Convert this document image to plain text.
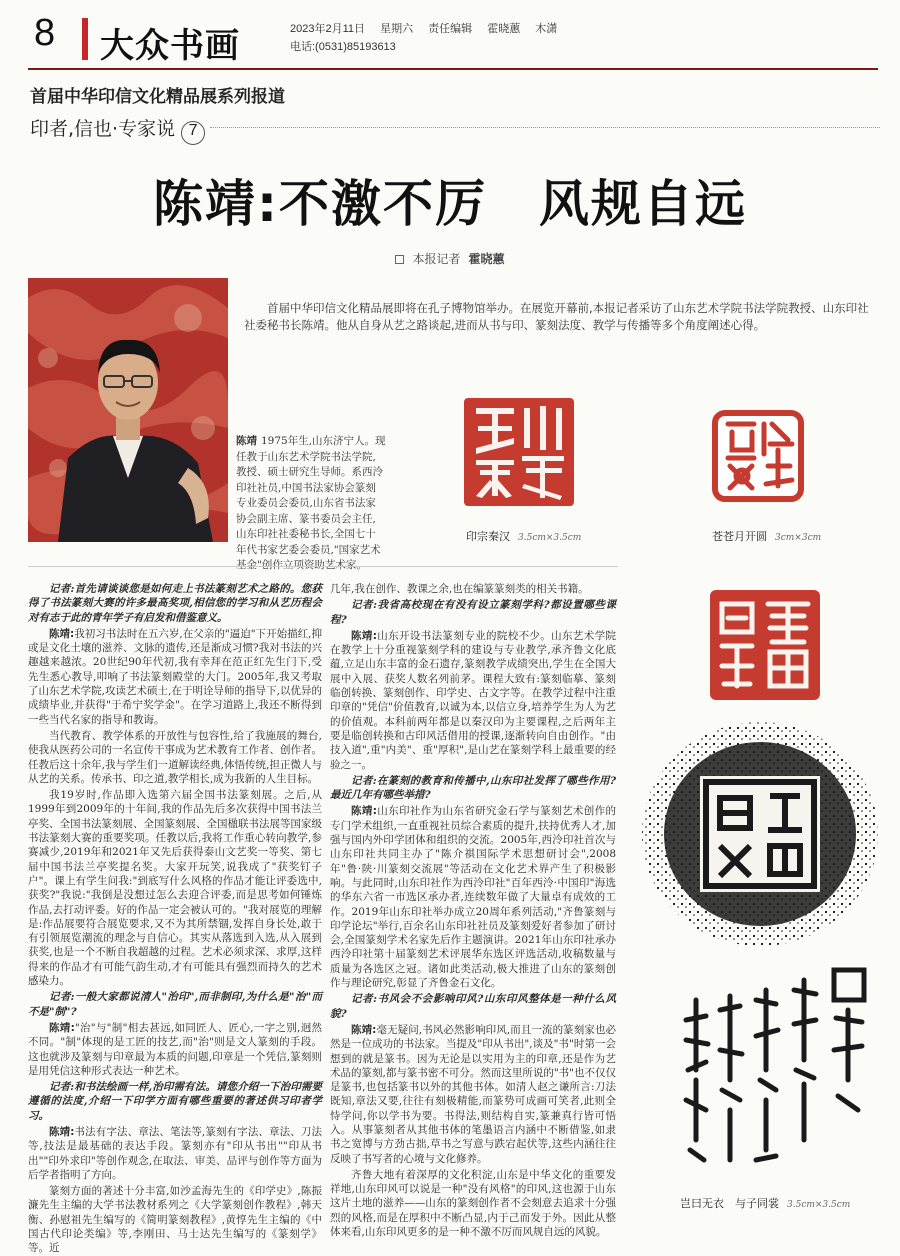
8 大众书画	2023年2月11日 星期六 责任编辑 霍晓蕙 木潇
电话:(0531)85193613
首届中华印信文化精品展系列报道
印者,信也·专家说 7
陈靖:不激不厉　风规自远
本报记者 霍晓蕙
首届中华印信文化精品展即将在孔子博物馆举办。在展览开幕前,本报记者采访了山东艺术学院书法学院教授、山东印社社委秘书长陈靖。他从自身从艺之路谈起,进而从书与印、篆刻法度、教学与传播等多个角度阐述心得。
陈靖 1975年生,山东济宁人。现任教于山东艺术学院书法学院,教授、硕士研究生导师。系西泠印社社员,中国书法家协会篆刻专业委员会委员,山东省书法家协会副主席、篆书委员会主任,山东印社社委秘书长,全国七十年代书家艺委会委员,"国家艺术基金"创作立项资助艺术家。
印宗秦汉 3.5cm×3.5cm	苍苍月开圆 3cm×3cm
岂曰无衣　与子同裳 3.5cm×3.5cm

记者:首先请谈谈您是如何走上书法篆刻艺术之路的。您获得了书法篆刻大赛的许多最高奖项,相信您的学习和从艺历程会对有志于此的青年学子有启发和借鉴意义。

陈靖:我初习书法时在五六岁,在父亲的"逼迫"下开始描红,抑或是文化土壤的滋养、文脉的遗传,还是渐成习惯?我对书法的兴趣越来越浓。20世纪90年代初,我有幸拜在范正红先生门下,受先生悉心教导,叩响了书法篆刻殿堂的大门。2005年,我又考取了山东艺术学院,攻读艺术硕士,在于明诠导师的指导下,以优异的成绩毕业,并获得"于希宁奖学金"。在学习道路上,我还不断得到一些当代名家的指导和教诲。

当代教育、教学体系的开放性与包容性,给了我施展的舞台,使我从医药公司的一名宣传干事成为艺术教育工作者、创作者。任教后这十余年,我与学生们一道解读经典,体悟传统,担正微人与从艺的关系。传承书、印之道,教学相长,成为我新的人生目标。

我19岁时,作品即入选第六届全国书法篆刻展。之后,从1999年到2009年的十年间,我的作品先后多次获得中国书法兰亭奖、全国书法篆刻展、全国篆刻展、全国楹联书法展等国家级书法篆刻大赛的重要奖项。任教以后,我将工作重心转向教学,参赛减少,2019年和2021年又先后获得泰山文艺奖一等奖、第七届中国书法兰亭奖提名奖。大家开玩笑,说我成了"获奖钉子户"。课上有学生问我:"到底写什么风格的作品才能让评委选中,获奖?"我说:"我倒是没想过怎么去迎合评委,而是思考如何锤炼作品,去打动评委。好的作品一定会被认可的。"我对展览的理解是:作品展要符合展览要求,又不为其所禁锢,发挥自身长处,敢于有引领展览潮流的理念与自信心。其实从落选到入选,从入展到获奖,也是一个不断自我超越的过程。艺术必须求深、求厚,这样得来的作品才有可能气韵生动,才有可能具有强烈而持久的艺术感染力。

记者:一般大家都说清人"治印",而非制印,为什么是"治"而不是"制"?

陈靖:"治"与"制"相去甚远,如同匠人、匠心,一字之别,迥然不同。"制"体现的是工匠的技艺,而"治"则是文人篆刻的手段。这也就涉及篆刻与印章最为本质的问题,印章是一个凭信,篆刻则是用凭信这种形式表达一种艺术。

记者:和书法绘画一样,治印需有法。请您介绍一下治印需要遵循的法度,介绍一下印学方面有哪些重要的著述供习印者学习。

陈靖:书法有字法、章法、笔法等,篆刻有字法、章法、刀法等,技法是最基础的表达手段。篆刻亦有"印从书出""印从书出""印外求印"等创作观念,在取法、审美、品评与创作等方面为后学者指明了方向。

篆刻方面的著述十分丰富,如沙孟海先生的《印学史》,陈振濂先生主编的大学书法教材系列之《大学篆刻创作教程》,韩天衡、孙慰祖先生编写的《简明篆刻教程》,黄惇先生主编的《中国古代印论类编》等,李刚田、马士达先生编写的《篆刻学》等。近

几年,我在创作、教课之余,也在编篆篆刻类的相关书籍。

记者:我省高校现在有没有设立篆刻学科?都设置哪些课程?

陈靖:山东开设书法篆刻专业的院校不少。山东艺术学院在教学上十分重视篆刻学科的建设与专业教学,承齐鲁文化底蕴,立足山东丰富的金石遗存,篆刻教学成绩突出,学生在全国大展中入展、获奖人数名列前茅。课程大致有:篆刻临摹、篆刻临创转换、篆刻创作、印学史、古文字等。在教学过程中注重印章的"凭信"价值教育,以诚为本,以信立身,培养学生为人为艺的价值观。本科前两年都是以秦汉印为主要课程,之后两年主要是临创转换和古印风活借用的授课,逐渐转向自由创作。"由技入道",重"内美"、重"厚积",是山艺在篆刻学科上最重要的经验之一。

记者:在篆刻的教育和传播中,山东印社发挥了哪些作用?最近几年有哪些举措?

陈靖:山东印社作为山东省研究金石学与篆刻艺术创作的专门学术组织,一直重视社员综合素质的提升,扶持优秀人才,加强与国内外印学团体和组织的交流。2005年,西泠印社首次与山东印社共同主办了"陈介祺国际学术思想研讨会",2008年"鲁·陕·川篆刻交流展"等活动在文化艺术界产生了积极影响。与此同时,山东印社作为西泠印社"百年西泠·中国印"海选的华东六省一市选区承办者,连续数年做了大量卓有成效的工作。2019年山东印社举办成立20周年系列活动,"齐鲁篆刻与印学论坛"举行,百余名山东印社社员及篆刻爱好者参加了研讨会,全国篆刻学术名家先后作主题演讲。2021年山东印社承办西泠印社第十届篆刻艺术评展华东选区评选活动,收稿数量与质量为各选区之冠。诸如此类活动,极大推进了山东的篆刻创作与理论研究,彰显了齐鲁金石文化。

记者:书风会不会影响印风?山东印风整体是一种什么风貌?

陈靖:毫无疑问,书风必然影响印风,而且一流的篆刻家也必然是一位成功的书法家。当提及"印从书出",谈及"书"时第一会想到的就是篆书。因为无论是以实用为主的印章,还是作为艺术品的篆刻,都与篆书密不可分。然而这里所说的"书"也不仅仅是篆书,也包括篆书以外的其他书体。如清人赵之谦所言:刀法既知,章法又要,往往有刻极精能,而篆势可成画可笑者,此则全恃学问,你以学书为要。书得法,则结构自实,篆兼真行皆可悟入。从事篆刻者从其他书体的笔墨语言内涵中不断借鉴,如隶书之宽博与方劲古拙,草书之写意与跌宕起伏等,这些内涵往往反映了书写者的心境与文化修养。

齐鲁大地有着深厚的文化积淀,山东是中华文化的重要发祥地,山东印风可以说是一种"没有风格"的印风,这也源于山东这片土地的滋养——山东的篆刻创作者不会刻意去追求十分强烈的风格,而是在厚积中不断凸显,内于己而发于外。因此从整体来看,山东印风更多的是一种不激不厉而风规自远的风貌。
